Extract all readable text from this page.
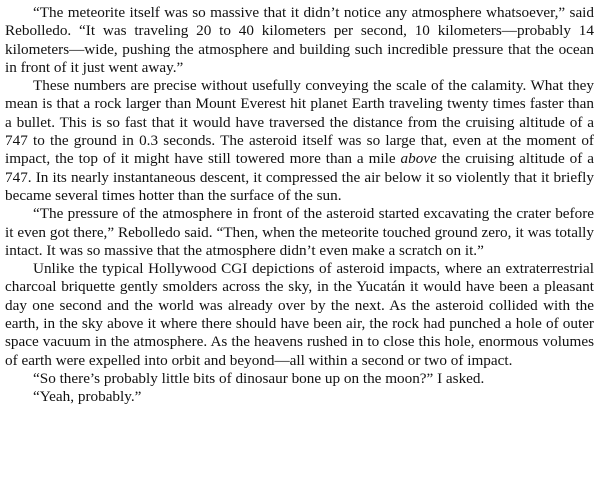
“The meteorite itself was so massive that it didn’t notice any atmosphere whatsoever,” said Rebolledo. “It was traveling 20 to 40 kilometers per second, 10 kilometers—probably 14 kilometers—wide, pushing the atmosphere and building such incredible pressure that the ocean in front of it just went away.”

These numbers are precise without usefully conveying the scale of the calamity. What they mean is that a rock larger than Mount Everest hit planet Earth traveling twenty times faster than a bullet. This is so fast that it would have traversed the distance from the cruising altitude of a 747 to the ground in 0.3 seconds. The asteroid itself was so large that, even at the moment of impact, the top of it might have still towered more than a mile above the cruising altitude of a 747. In its nearly instantaneous descent, it compressed the air below it so violently that it briefly became several times hotter than the surface of the sun.

“The pressure of the atmosphere in front of the asteroid started excavating the crater before it even got there,” Rebolledo said. “Then, when the meteorite touched ground zero, it was totally intact. It was so massive that the atmosphere didn’t even make a scratch on it.”

Unlike the typical Hollywood CGI depictions of asteroid impacts, where an extraterrestrial charcoal briquette gently smolders across the sky, in the Yucatán it would have been a pleasant day one second and the world was already over by the next. As the asteroid collided with the earth, in the sky above it where there should have been air, the rock had punched a hole of outer space vacuum in the atmosphere. As the heavens rushed in to close this hole, enormous volumes of earth were expelled into orbit and beyond—all within a second or two of impact.

“So there’s probably little bits of dinosaur bone up on the moon?” I asked.

“Yeah, probably.”
